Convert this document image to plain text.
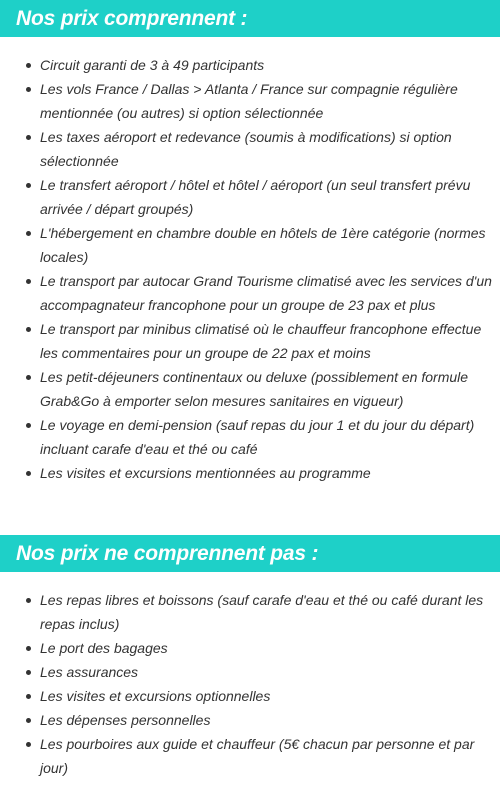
Nos prix comprennent :
Circuit garanti de 3 à 49 participants
Les vols France / Dallas > Atlanta / France sur compagnie régulière
mentionnée (ou autres) si option sélectionnée
Les taxes aéroport et redevance (soumis à modifications) si option
sélectionnée
Le transfert aéroport / hôtel et hôtel / aéroport (un seul transfert prévu
arrivée / départ groupés)
L'hébergement en chambre double en hôtels de 1ère catégorie (normes
locales)
Le transport par autocar Grand Tourisme climatisé avec les services d'un
accompagnateur francophone pour un groupe de 23 pax et plus
Le transport par minibus climatisé où le chauffeur francophone effectue
les commentaires pour un groupe de 22 pax et moins
Les petit-déjeuners continentaux ou deluxe (possiblement en formule
Grab&Go à emporter selon mesures sanitaires en vigueur)
Le voyage en demi-pension (sauf repas du jour 1 et du jour du départ)
incluant carafe d'eau et thé ou café
Les visites et excursions mentionnées au programme
Nos prix ne comprennent pas :
Les repas libres et boissons (sauf carafe d'eau et thé ou café durant les
repas inclus)
Le port des bagages
Les assurances
Les visites et excursions optionnelles
Les dépenses personnelles
Les pourboires aux guide et chauffeur (5€ chacun par personne et par
jour)
